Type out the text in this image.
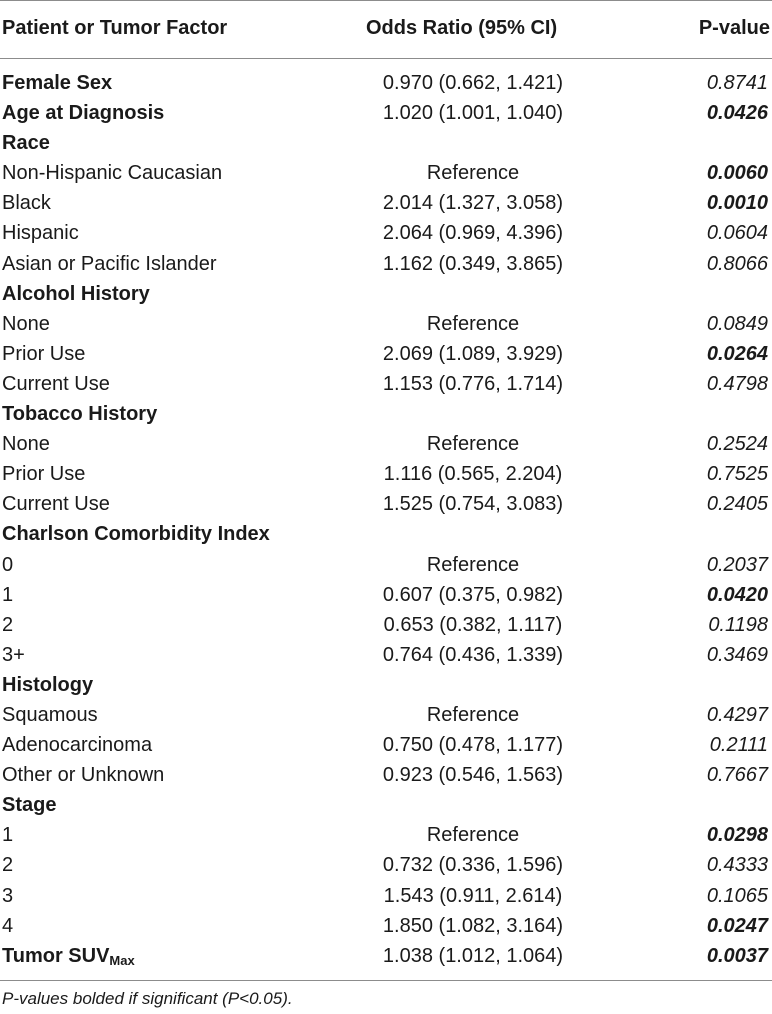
Patient or Tumor Factor	Odds Ratio (95% CI)	P-value
Female Sex	0.970 (0.662, 1.421)	0.8741
Age at Diagnosis	1.020 (1.001, 1.040)	0.0426
Race
Non-Hispanic Caucasian	Reference	0.0060
Black	2.014 (1.327, 3.058)	0.0010
Hispanic	2.064 (0.969, 4.396)	0.0604
Asian or Pacific Islander	1.162 (0.349, 3.865)	0.8066
Alcohol History
None	Reference	0.0849
Prior Use	2.069 (1.089, 3.929)	0.0264
Current Use	1.153 (0.776, 1.714)	0.4798
Tobacco History
None	Reference	0.2524
Prior Use	1.116 (0.565, 2.204)	0.7525
Current Use	1.525 (0.754, 3.083)	0.2405
Charlson Comorbidity Index
0	Reference	0.2037
1	0.607 (0.375, 0.982)	0.0420
2	0.653 (0.382, 1.117)	0.1198
3+	0.764 (0.436, 1.339)	0.3469
Histology
Squamous	Reference	0.4297
Adenocarcinoma	0.750 (0.478, 1.177)	0.2111
Other or Unknown	0.923 (0.546, 1.563)	0.7667
Stage
1	Reference	0.0298
2	0.732 (0.336, 1.596)	0.4333
3	1.543 (0.911, 2.614)	0.1065
4	1.850 (1.082, 3.164)	0.0247
Tumor $SUV_{Max}$	1.038 (1.012, 1.064)	0.0037
P-values bolded if significant (P<0.05).
